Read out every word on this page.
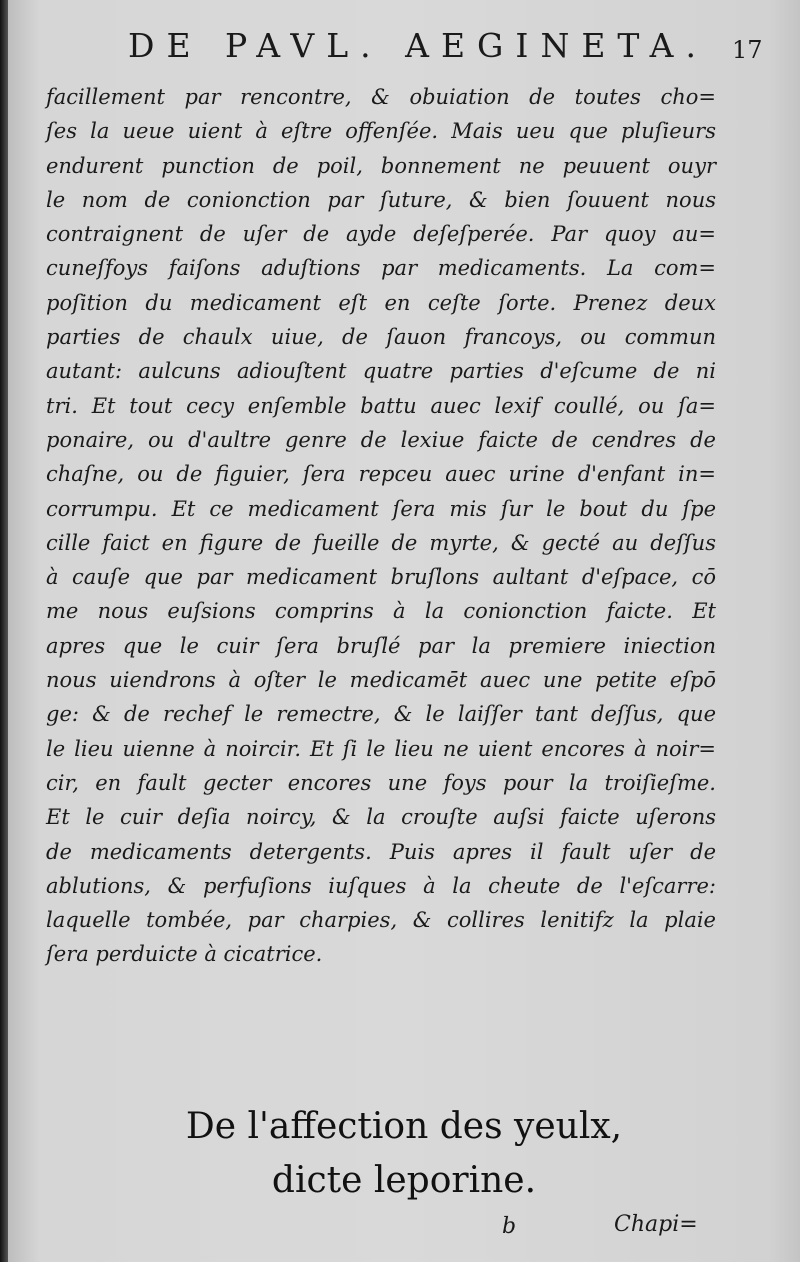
DE PAVL. AEGINETA. 17
facillement par rencontre, & obuiation de toutes cho=
ſes la ueue uient à eſtre offenſée. Mais ueu que pluſieurs
endurent punction de poil, bonnement ne peuuent ouyr
le nom de conionction par ſuture, & bien ſouuent nous
contraignent de uſer de ayde deſeſperée. Par quoy au=
cuneſfoys faiſons aduſtions par medicaments. La com=
poſition du medicament eſt en ceſte ſorte. Prenez deux
parties de chaulx uiue, de ſauon francoys, ou commun
autant: aulcuns adiouſtent quatre parties d'eſcume de ni
tri. Et tout cecy enſemble battu auec lexif coullé, ou ſa=
ponaire, ou d'aultre genre de lexiue faicte de cendres de
chaſne, ou de figuier, ſera repceu auec urine d'enfant in=
corrumpu. Et ce medicament ſera mis ſur le bout du ſpe
cille faict en figure de fueille de myrte, & gecté au deſſus
à cauſe que par medicament bruſlons aultant d'eſpace, cō
me nous euſsions comprins à la conionction faicte. Et
apres que le cuir ſera bruſlé par la premiere iniection
nous uiendrons à oſter le medicamēt auec une petite eſpō
ge: & de rechef le remectre, & le laiſſer tant deſſus, que
le lieu uienne à noircir. Et ſi le lieu ne uient encores à noir=
cir, en fault gecter encores une foys pour la troiſieſme.
Et le cuir deſia noircy, & la crouſte auſsi faicte uſerons
de medicaments detergents. Puis apres il fault uſer de
ablutions, & perfuſions iuſques à la cheute de l'eſcarre:
laquelle tombée, par charpies, & collires lenitifz la plaie
ſera perduicte à cicatrice.
De l'affection des yeulx,
dicte leporine.
b	Chapi=
